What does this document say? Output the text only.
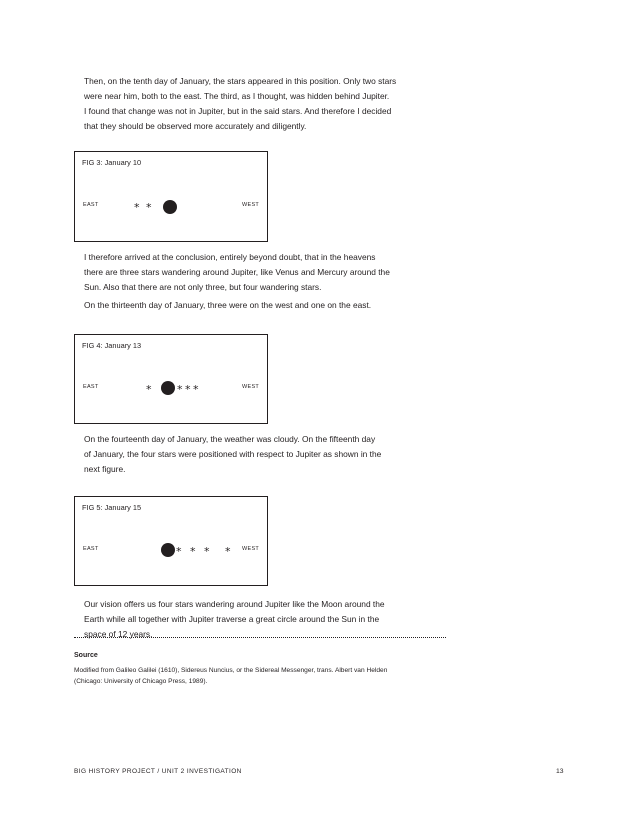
Then, on the tenth day of January, the stars appeared in this position. Only two stars
were near him, both to the east. The third, as I thought, was hidden behind Jupiter.
I found that change was not in Jupiter, but in the said stars. And therefore I decided
that they should be observed more accurately and diligently.

FIG 3: January 10
EAST	WEST
* *

I therefore arrived at the conclusion, entirely beyond doubt, that in the heavens
there are three stars wandering around Jupiter, like Venus and Mercury around the
Sun. Also that there are not only three, but four wandering stars.

On the thirteenth day of January, three were on the west and one on the east.

FIG 4: January 13
EAST	WEST
* * * *

On the fourteenth day of January, the weather was cloudy. On the fifteenth day
of January, the four stars were positioned with respect to Jupiter as shown in the
next figure.

FIG 5: January 15
EAST	WEST
* * * *

Our vision offers us four stars wandering around Jupiter like the Moon around the
Earth while all together with Jupiter traverse a great circle around the Sun in the
space of 12 years.

Source
Modified from Galileo Galilei (1610), Sidereus Nuncius, or the Sidereal Messenger, trans. Albert van Helden
(Chicago: University of Chicago Press, 1989).
BIG HISTORY PROJECT / UNIT 2 INVESTIGATION	13
